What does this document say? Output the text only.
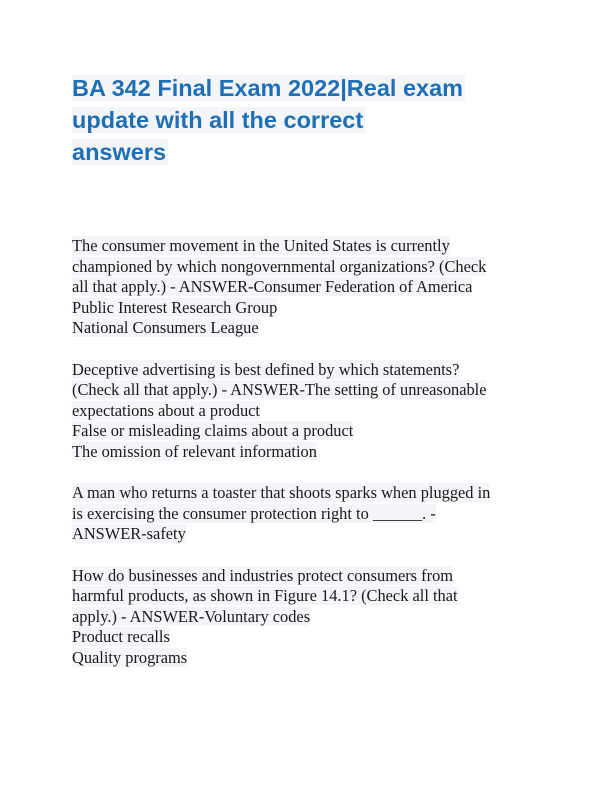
BA 342 Final Exam 2022|Real exam
update with all the correct
answers
The consumer movement in the United States is currently
championed by which nongovernmental organizations? (Check
all that apply.) - ANSWER-Consumer Federation of America
Public Interest Research Group
National Consumers League
Deceptive advertising is best defined by which statements?
(Check all that apply.) - ANSWER-The setting of unreasonable
expectations about a product
False or misleading claims about a product
The omission of relevant information
A man who returns a toaster that shoots sparks when plugged in
is exercising the consumer protection right to ______. -
ANSWER-safety
How do businesses and industries protect consumers from
harmful products, as shown in Figure 14.1? (Check all that
apply.) - ANSWER-Voluntary codes
Product recalls
Quality programs
